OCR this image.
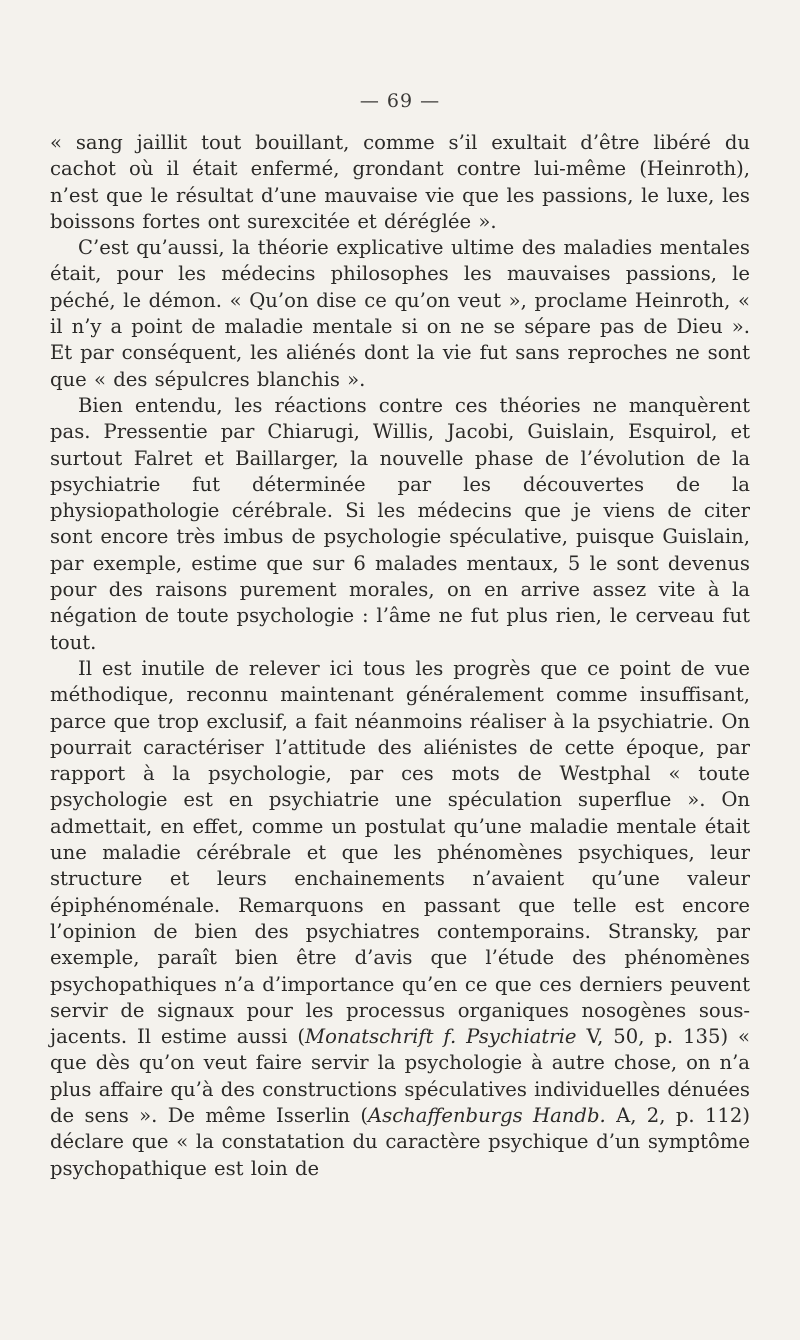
— 69 —

« sang jaillit tout bouillant, comme s’il exultait d’être libéré du cachot où il était enfermé, grondant contre lui-même (Heinroth), n’est que le résultat d’une mauvaise vie que les passions, le luxe, les boissons fortes ont surexcitée et déréglée ».

C’est qu’aussi, la théorie explicative ultime des maladies mentales était, pour les médecins philosophes les mauvaises passions, le péché, le démon. « Qu’on dise ce qu’on veut », proclame Heinroth, « il n’y a point de maladie mentale si on ne se sépare pas de Dieu ». Et par conséquent, les aliénés dont la vie fut sans reproches ne sont que « des sépulcres blanchis ».

Bien entendu, les réactions contre ces théories ne manquèrent pas. Pressentie par Chiarugi, Willis, Jacobi, Guislain, Esquirol, et surtout Falret et Baillarger, la nouvelle phase de l’évolution de la psychiatrie fut déterminée par les découvertes de la physiopathologie cérébrale. Si les médecins que je viens de citer sont encore très imbus de psychologie spéculative, puisque Guislain, par exemple, estime que sur 6 malades mentaux, 5 le sont devenus pour des raisons purement morales, on en arrive assez vite à la négation de toute psychologie : l’âme ne fut plus rien, le cerveau fut tout.

Il est inutile de relever ici tous les progrès que ce point de vue méthodique, reconnu maintenant généralement comme insuffisant, parce que trop exclusif, a fait néanmoins réaliser à la psychiatrie. On pourrait caractériser l’attitude des aliénistes de cette époque, par rapport à la psychologie, par ces mots de Westphal « toute psychologie est en psychiatrie une spéculation superflue ». On admettait, en effet, comme un postulat qu’une maladie mentale était une maladie cérébrale et que les phénomènes psychiques, leur structure et leurs enchainements n’avaient qu’une valeur épiphénoménale. Remarquons en passant que telle est encore l’opinion de bien des psychiatres contemporains. Stransky, par exemple, paraît bien être d’avis que l’étude des phénomènes psychopathiques n’a d’importance qu’en ce que ces derniers peuvent servir de signaux pour les processus organiques nosogènes sous-jacents. Il estime aussi (Monatschrift f. Psychiatrie V, 50, p. 135) « que dès qu’on veut faire servir la psychologie à autre chose, on n’a plus affaire qu’à des constructions spéculatives individuelles dénuées de sens ». De même Isserlin (Aschaffenburgs Handb. A, 2, p. 112) déclare que « la constatation du caractère psychique d’un symptôme psychopathique est loin de
